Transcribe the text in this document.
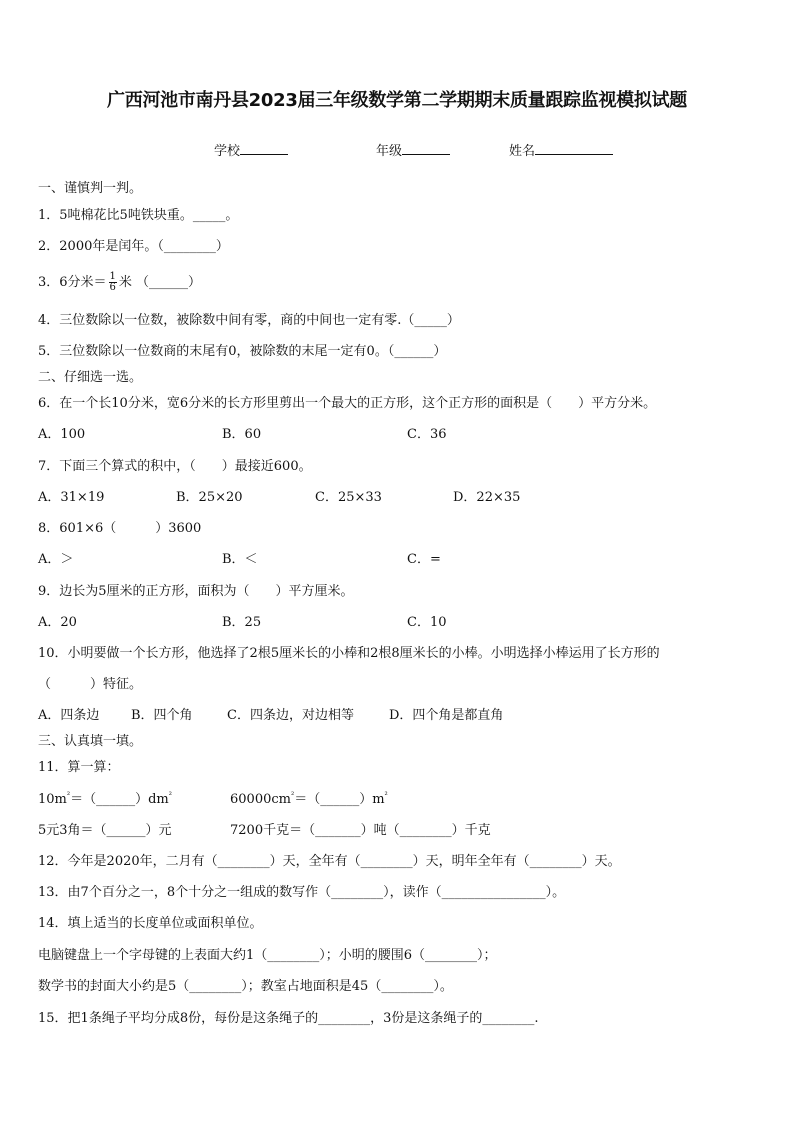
广西河池市南丹县2023届三年级数学第二学期期末质量跟踪监视模拟试题
学校	年级	姓名
一、谨慎判一判。
1．5吨棉花比5吨铁块重。_____。
2．2000年是闰年。（________）
3．6分米＝ $\frac{1}{6}$ 米 （______）
4．三位数除以一位数，被除数中间有零，商的中间也一定有零.（_____）
5．三位数除以一位数商的末尾有0，被除数的末尾一定有0。（______）
二、仔细选一选。
6．在一个长10分米，宽6分米的长方形里剪出一个最大的正方形，这个正方形的面积是（　　）平方分米。
A．100	B．60	C．36
7．下面三个算式的积中，（　　）最接近600。
A．31×19	B．25×20	C．25×33	D．22×35
8．601×6（　　　）3600
A．＞	B．＜	C．=
9．边长为5厘米的正方形，面积为（　　）平方厘米。
A．20	B．25	C．10
10．小明要做一个长方形，他选择了2根5厘米长的小棒和2根8厘米长的小棒。小明选择小棒运用了长方形的
（　　　）特征。
A．四条边 B．四个角	C．四条边，对边相等	D．四个角是都直角
三、认真填一填。
11．算一算：
$10m^{^2}=(\_\_\_\_\_\_)dm^{^2}$	$60000cm^{^2}=(\_\_\_\_\_\_)m^{^2}$
5元3角＝（______）元	7200千克＝（_______）吨（________）千克
12．今年是2020年，二月有（________）天，全年有（________）天，明年全年有（________）天。
13．由7个百分之一，8个十分之一组成的数写作（________），读作（________________）。
14．填上适当的长度单位或面积单位。
电脑键盘上一个字母键的上表面大约1（________）；小明的腰围6（________）；
数学书的封面大小约是5（________）；教室占地面积是45（________）。
15．把1条绳子平均分成8份，每份是这条绳子的________，3份是这条绳子的________.
